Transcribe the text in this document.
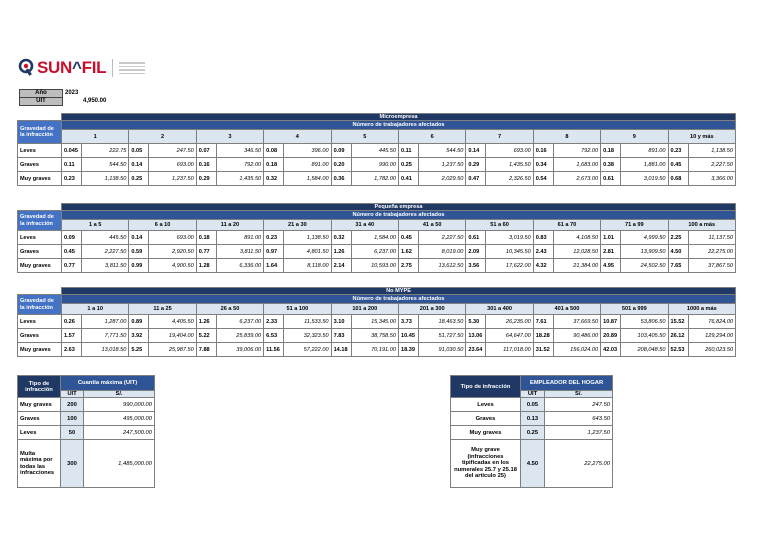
SUN^FIL
Año	2023
UIT	4,950.00
	Microempresa																			
Gravedad de la infracción	Número de trabajadores afectados																			
	1		2		3		4		5		6		7		8		9		10 y más	
Leves	0.045	222.75	0.05	247.50	0.07	346.50	0.08	396.00	0.09	445.50	0.11	544.50	0.14	693.00	0.16	792.00	0.18	891.00	0.23	1,138.50
Graves	0.11	544.50	0.14	693.00	0.16	792.00	0.18	891.00	0.20	990.00	0.25	1,237.50	0.29	1,435.50	0.34	1,683.00	0.38	1,881.00	0.45	2,227.50
Muy graves	0.23	1,138.50	0.25	1,237.50	0.29	1,435.50	0.32	1,584.00	0.36	1,782.00	0.41	2,029.50	0.47	2,326.50	0.54	2,673.00	0.61	3,019.50	0.68	3,366.00
	Pequeña empresa																			
Gravedad de la infracción	Número de trabajadores afectados																			
	1 a 5		6 a 10		11 a 20		21 a 30		31 a 40		41 a 50		51 a 60		61 a 70		71 a 99		100 a más	
Leves	0.09	445.50	0.14	693.00	0.18	891.00	0.23	1,138.50	0.32	1,584.00	0.45	2,227.50	0.61	3,019.50	0.83	4,108.50	1.01	4,999.50	2.25	11,137.50
Graves	0.45	2,227.50	0.59	2,920.50	0.77	3,811.50	0.97	4,801.50	1.26	6,237.00	1.62	8,019.00	2.09	10,345.50	2.43	12,028.50	2.81	13,909.50	4.50	22,275.00
Muy graves	0.77	3,811.50	0.99	4,900.50	1.28	6,336.00	1.64	8,118.00	2.14	10,593.00	2.75	13,612.50	3.56	17,622.00	4.32	21,384.00	4.95	24,502.50	7.65	37,867.50
	No MYPE																			
Gravedad de la infracción	Número de trabajadores afectados																			
	1 a 10		11 a 25		26 a 50		51 a 100		101 a 200		201 a 300		301 a 400		401 a 500		501 a 999		1000 a más	
Leves	0.26	1,287.00	0.89	4,405.50	1.26	6,237.00	2.33	11,533.50	3.10	15,345.00	3.73	18,463.50	5.30	26,235.00	7.61	37,669.50	10.87	53,806.50	15.52	76,824.00
Graves	1.57	7,771.50	3.92	19,404.00	5.22	25,839.00	6.53	32,323.50	7.83	38,758.50	10.45	51,727.50	13.06	64,647.00	18.28	90,486.00	20.89	103,405.50	26.12	129,294.00
Muy graves	2.63	13,018.50	5.25	25,987.50	7.88	39,006.00	11.56	57,222.00	14.18	70,191.00	18.39	91,030.50	23.64	117,018.00	31.52	156,024.00	42.03	208,048.50	52.53	260,023.50
Tipo de infracción	Cuantía máxima (UIT)	
	UIT	S/.
Muy graves	200	990,000.00
Graves	100	495,000.00
Leves	50	247,500.00
Multa máxima por todas las infracciones	300	1,485,000.00
Tipo de infracción	EMPLEADOR DEL HOGAR	
	UIT	S/.
Leves	0.05	247.50
Graves	0.13	643.50
Muy graves	0.25	1,237.50
Muy grave (infracciones tipificadas en los numerales 25.7 y 25.18 del artículo 25)	4.50	22,275.00
